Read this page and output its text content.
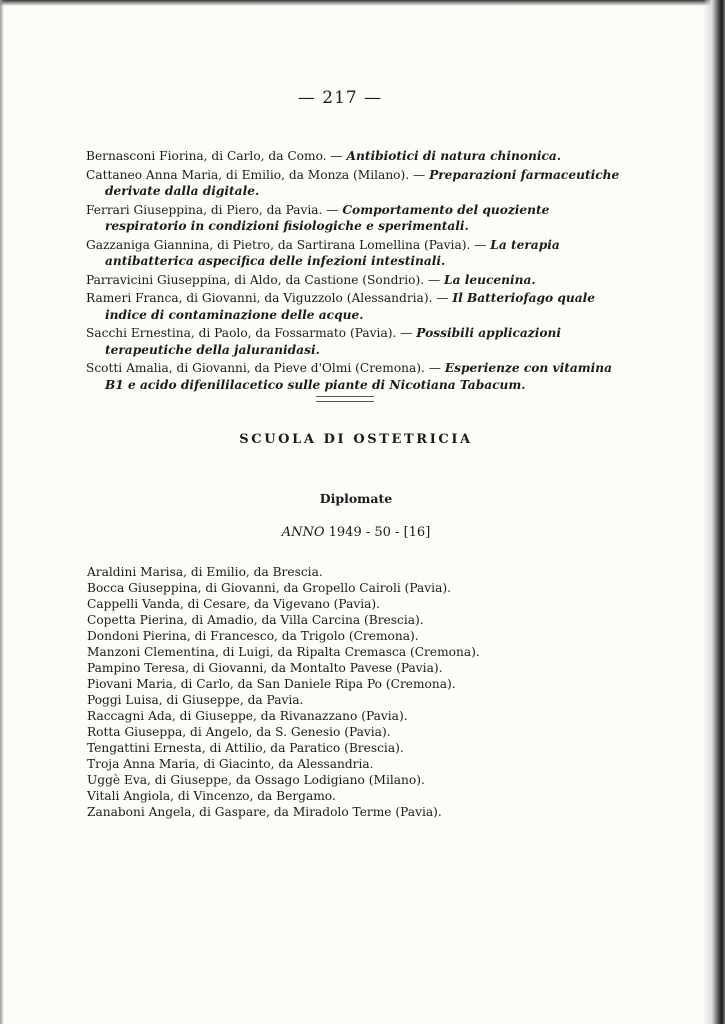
— 217 —

Bernasconi Fiorina, di Carlo, da Como. — Antibiotici di natura chinonica.

Cattaneo Anna Maria, di Emilio, da Monza (Milano). — Preparazioni farmaceutiche derivate dalla digitale.

Ferrari Giuseppina, di Piero, da Pavia. — Comportamento del quoziente respiratorio in condizioni fisiologiche e sperimentali.

Gazzaniga Giannina, di Pietro, da Sartirana Lomellina (Pavia). — La terapia antibatterica aspecifica delle infezioni intestinali.

Parravicini Giuseppina, di Aldo, da Castione (Sondrio). — La leucenina.

Rameri Franca, di Giovanni, da Viguzzolo (Alessandria). — Il Batteriofago quale indice di contaminazione delle acque.

Sacchi Ernestina, di Paolo, da Fossarmato (Pavia). — Possibili applicazioni terapeutiche della jaluranidasi.

Scotti Amalia, di Giovanni, da Pieve d'Olmi (Cremona). — Esperienze con vitamina B1 e acido difenililacetico sulle piante di Nicotiana Tabacum.

SCUOLA DI OSTETRICIA
Diplomate
ANNO 1949 - 50 - [16]
Araldini Marisa, di Emilio, da Brescia.
Bocca Giuseppina, di Giovanni, da Gropello Cairoli (Pavia).
Cappelli Vanda, di Cesare, da Vigevano (Pavia).
Copetta Pierina, di Amadio, da Villa Carcina (Brescia).
Dondoni Pierina, di Francesco, da Trigolo (Cremona).
Manzoni Clementina, di Luigi, da Ripalta Cremasca (Cremona).
Pampino Teresa, di Giovanni, da Montalto Pavese (Pavia).
Piovani Maria, di Carlo, da San Daniele Ripa Po (Cremona).
Poggi Luisa, di Giuseppe, da Pavia.
Raccagni Ada, di Giuseppe, da Rivanazzano (Pavia).
Rotta Giuseppa, di Angelo, da S. Genesio (Pavia).
Tengattini Ernesta, di Attilio, da Paratico (Brescia).
Troja Anna Maria, di Giacinto, da Alessandria.
Uggè Eva, di Giuseppe, da Ossago Lodigiano (Milano).
Vitali Angiola, di Vincenzo, da Bergamo.
Zanaboni Angela, di Gaspare, da Miradolo Terme (Pavia).
